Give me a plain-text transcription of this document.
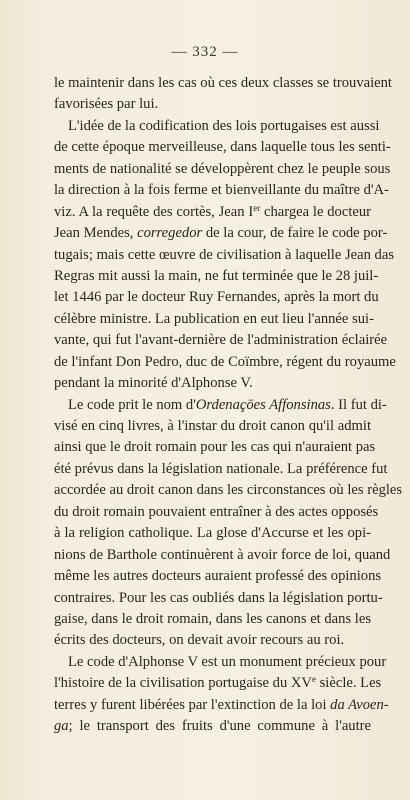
— 332 —
le maintenir dans les cas où ces deux classes se trouvaient
favorisées par lui.
L'idée de la codification des lois portugaises est aussi
de cette époque merveilleuse, dans laquelle tous les senti-
ments de nationalité se développèrent chez le peuple sous
la direction à la fois ferme et bienveillante du maître d'A-
viz. A la requête des cortès, Jean Ier chargea le docteur
Jean Mendes, corregedor de la cour, de faire le code por-
tugais; mais cette œuvre de civilisation à laquelle Jean das
Regras mit aussi la main, ne fut terminée que le 28 juil-
let 1446 par le docteur Ruy Fernandes, après la mort du
célèbre ministre. La publication en eut lieu l'année sui-
vante, qui fut l'avant-dernière de l'administration éclairée
de l'infant Don Pedro, duc de Coïmbre, régent du royaume
pendant la minorité d'Alphonse V.
Le code prit le nom d'Ordenaçōes Affonsinas. Il fut di-
visé en cinq livres, à l'instar du droit canon qu'il admit
ainsi que le droit romain pour les cas qui n'auraient pas
été prévus dans la législation nationale. La préférence fut
accordée au droit canon dans les circonstances où les règles
du droit romain pouvaient entraîner à des actes opposés
à la religion catholique. La glose d'Accurse et les opi-
nions de Barthole continuèrent à avoir force de loi, quand
même les autres docteurs auraient professé des opinions
contraires. Pour les cas oubliés dans la législation portu-
gaise, dans le droit romain, dans les canons et dans les
écrits des docteurs, on devait avoir recours au roi.
Le code d'Alphonse V est un monument précieux pour
l'histoire de la civilisation portugaise du XVe siècle. Les
terres y furent libérées par l'extinction de la loi da Avoen-
ga; le transport des fruits d'une commune à l'autre
